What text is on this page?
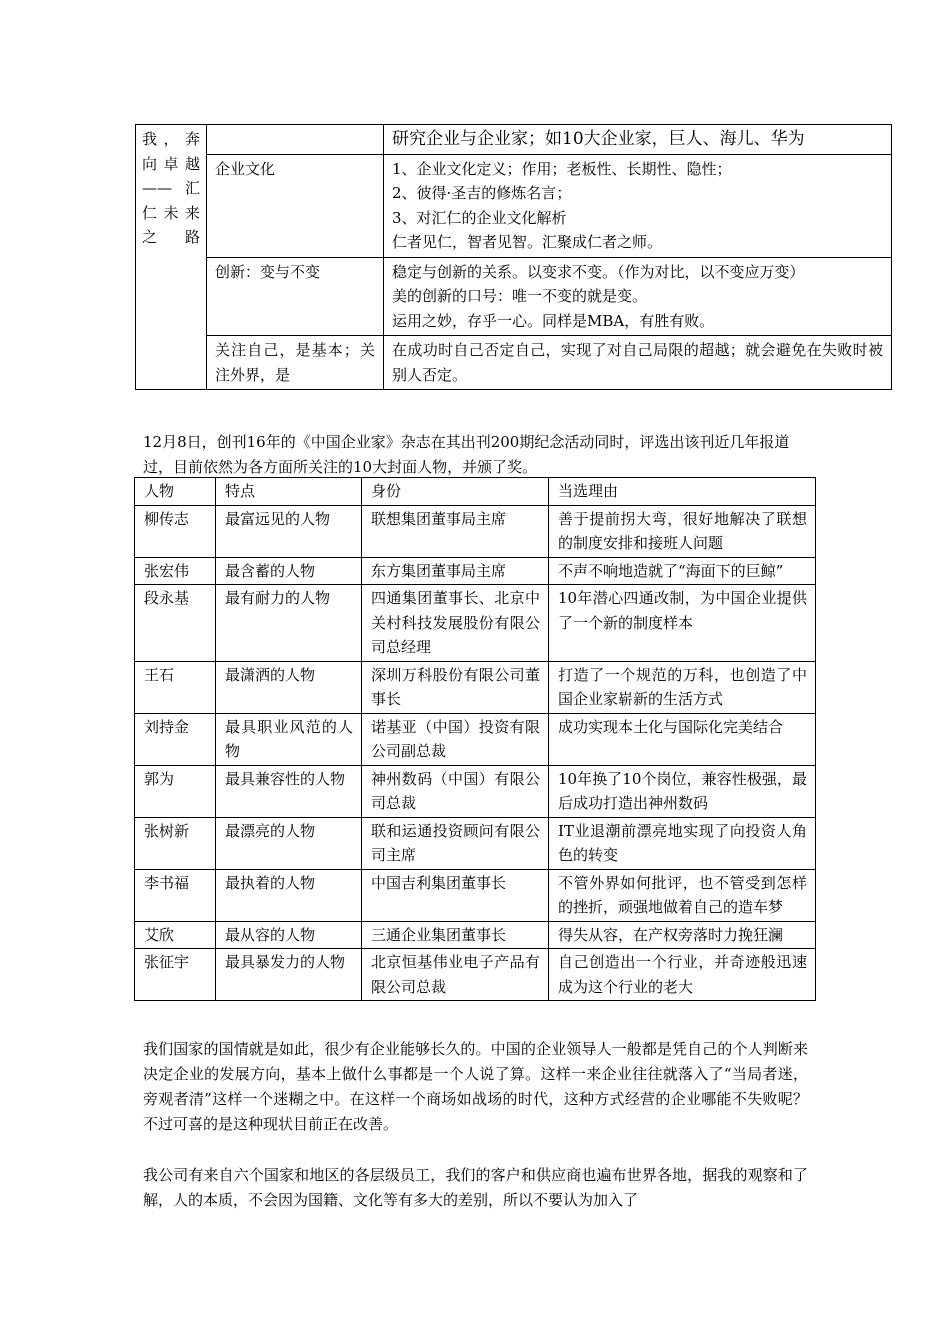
我，奔
向卓越
——汇
仁未来
之路		研究企业与企业家；如10大企业家，巨人、海儿、华为
	企业文化	1、企业文化定义；作用；老板性、长期性、隐性；
2、彼得·圣吉的修炼名言；
3、对汇仁的企业文化解析
仁者见仁，智者见智。汇聚成仁者之师。

	创新：变与不变	稳定与创新的关系。以变求不变。（作为对比，以不变应万变）
美的创新的口号：唯一不变的就是变。
运用之妙，存乎一心。同样是MBA，有胜有败。

	关注自己，是基本；关注外界，是	在成功时自己否定自己，实现了对自己局限的超越；就会避免在失败时被别人否定。

12月8日，创刊16年的《中国企业家》杂志在其出刊200期纪念活动同时，评选出该刊近几年报道过，目前依然为各方面所关注的10大封面人物，并颁了奖。

人物	特点	身份	当选理由
柳传志	最富远见的人物	联想集团董事局主席	善于提前拐大弯，很好地解决了联想的制度安排和接班人问题
张宏伟	最含蓄的人物	东方集团董事局主席	不声不响地造就了“海面下的巨鲸”
段永基	最有耐力的人物	四通集团董事长、北京中关村科技发展股份有限公司总经理	10年潜心四通改制，为中国企业提供了一个新的制度样本
王石	最潇洒的人物	深圳万科股份有限公司董事长	打造了一个规范的万科，也创造了中国企业家崭新的生活方式
刘持金	最具职业风范的人物	诺基亚（中国）投资有限公司副总裁	成功实现本土化与国际化完美结合
郭为	最具兼容性的人物	神州数码（中国）有限公司总裁	10年换了10个岗位，兼容性极强，最后成功打造出神州数码
张树新	最漂亮的人物	联和运通投资顾问有限公司主席	IT业退潮前漂亮地实现了向投资人角色的转变
李书福	最执着的人物	中国吉利集团董事长	不管外界如何批评，也不管受到怎样的挫折，顽强地做着自己的造车梦
艾欣	最从容的人物	三通企业集团董事长	得失从容，在产权旁落时力挽狂澜
张征宇	最具暴发力的人物	北京恒基伟业电子产品有限公司总裁	自己创造出一个行业，并奇迹般迅速成为这个行业的老大

我们国家的国情就是如此，很少有企业能够长久的。中国的企业领导人一般都是凭自己的个人判断来决定企业的发展方向，基本上做什么事都是一个人说了算。这样一来企业往往就落入了“当局者迷，旁观者清”这样一个迷糊之中。在这样一个商场如战场的时代，这种方式经营的企业哪能不失败呢？不过可喜的是这种现状目前正在改善。

我公司有来自六个国家和地区的各层级员工，我们的客户和供应商也遍布世界各地，据我的观察和了解，人的本质，不会因为国籍、文化等有多大的差别，所以不要认为加入了
